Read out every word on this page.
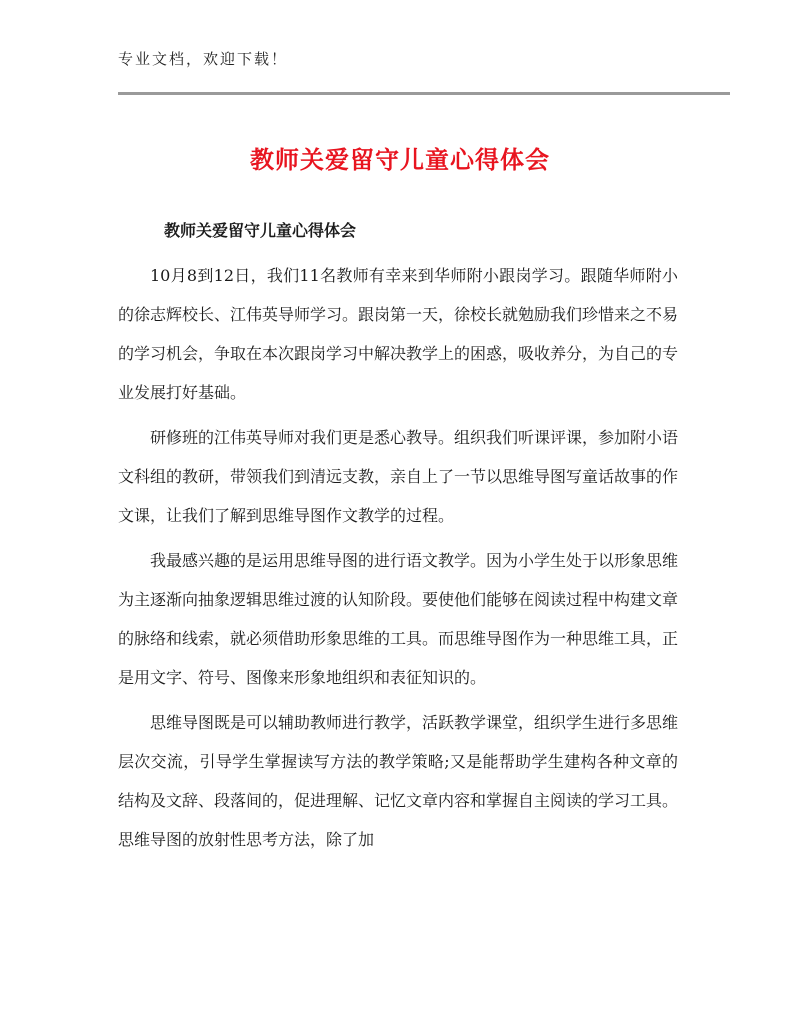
专业文档，欢迎下载！
教师关爱留守儿童心得体会
教师关爱留守儿童心得体会

10月8到12日，我们11名教师有幸来到华师附小跟岗学习。跟随华师附小的徐志辉校长、江伟英导师学习。跟岗第一天，徐校长就勉励我们珍惜来之不易的学习机会，争取在本次跟岗学习中解决教学上的困惑，吸收养分，为自己的专业发展打好基础。

研修班的江伟英导师对我们更是悉心教导。组织我们听课评课，参加附小语文科组的教研，带领我们到清远支教，亲自上了一节以思维导图写童话故事的作文课，让我们了解到思维导图作文教学的过程。

我最感兴趣的是运用思维导图的进行语文教学。因为小学生处于以形象思维为主逐渐向抽象逻辑思维过渡的认知阶段。要使他们能够在阅读过程中构建文章的脉络和线索，就必须借助形象思维的工具。而思维导图作为一种思维工具，正是用文字、符号、图像来形象地组织和表征知识的。

思维导图既是可以辅助教师进行教学，活跃教学课堂，组织学生进行多思维层次交流，引导学生掌握读写方法的教学策略;又是能帮助学生建构各种文章的结构及文辞、段落间的，促进理解、记忆文章内容和掌握自主阅读的学习工具。思维导图的放射性思考方法，除了加
